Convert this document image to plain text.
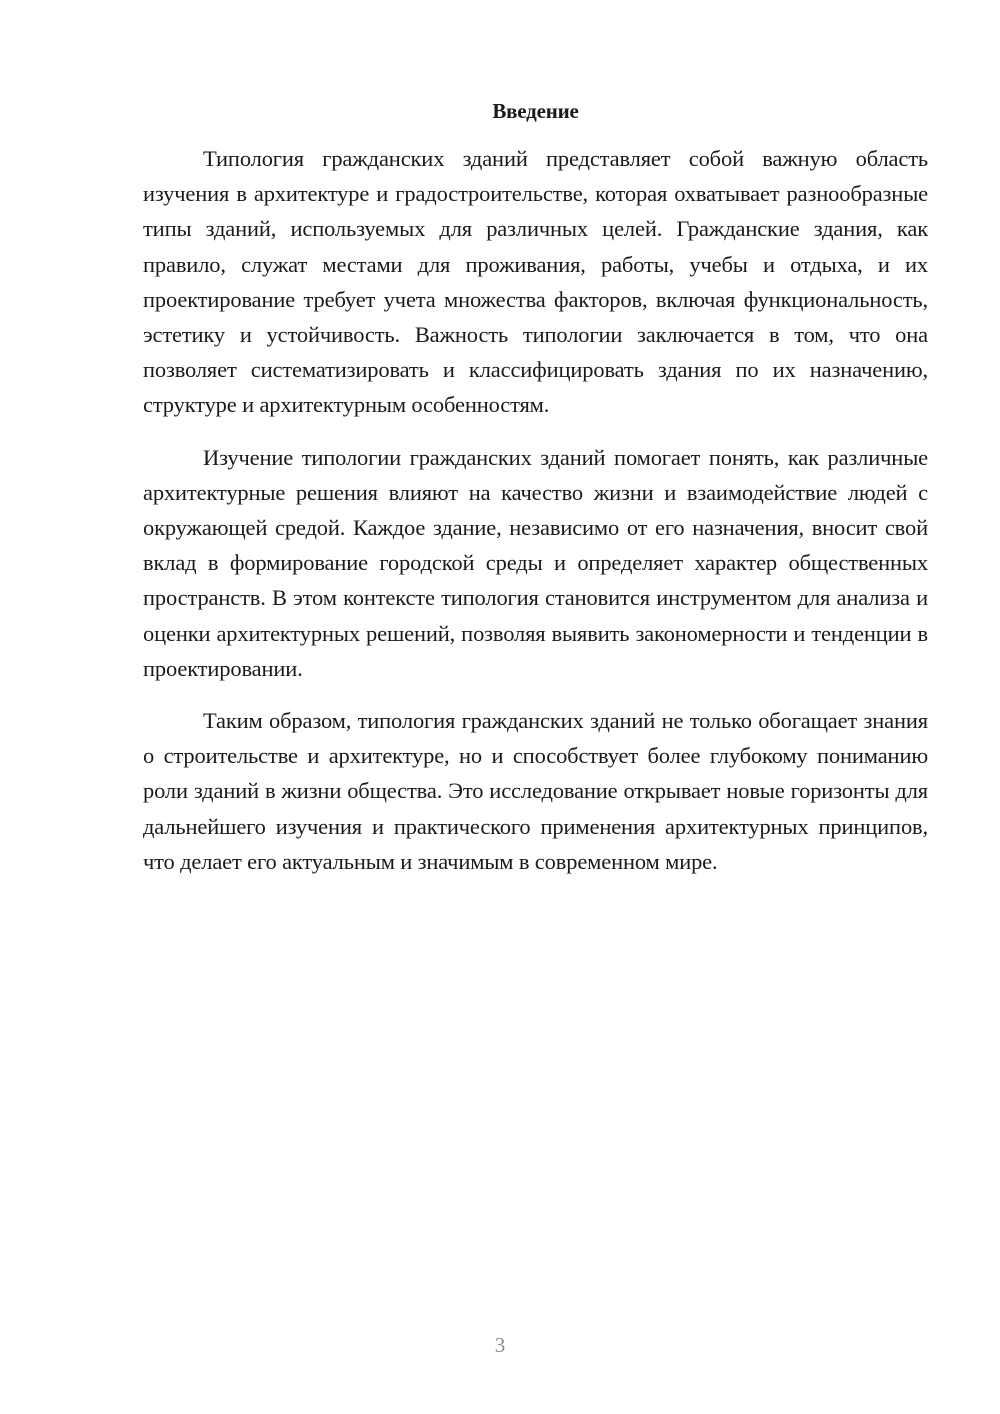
Введение

Типология гражданских зданий представляет собой важную область изучения в архитектуре и градостроительстве, которая охватывает разнообразные типы зданий, используемых для различных целей. Гражданские здания, как правило, служат местами для проживания, работы, учебы и отдыха, и их проектирование требует учета множества факторов, включая функциональность, эстетику и устойчивость. Важность типологии заключается в том, что она позволяет систематизировать и классифицировать здания по их назначению, структуре и архитектурным особенностям.

Изучение типологии гражданских зданий помогает понять, как различные архитектурные решения влияют на качество жизни и взаимодействие людей с окружающей средой. Каждое здание, независимо от его назначения, вносит свой вклад в формирование городской среды и определяет характер общественных пространств. В этом контексте типология становится инструментом для анализа и оценки архитектурных решений, позволяя выявить закономерности и тенденции в проектировании.

Таким образом, типология гражданских зданий не только обогащает знания о строительстве и архитектуре, но и способствует более глубокому пониманию роли зданий в жизни общества. Это исследование открывает новые горизонты для дальнейшего изучения и практического применения архитектурных принципов, что делает его актуальным и значимым в современном мире.

3
